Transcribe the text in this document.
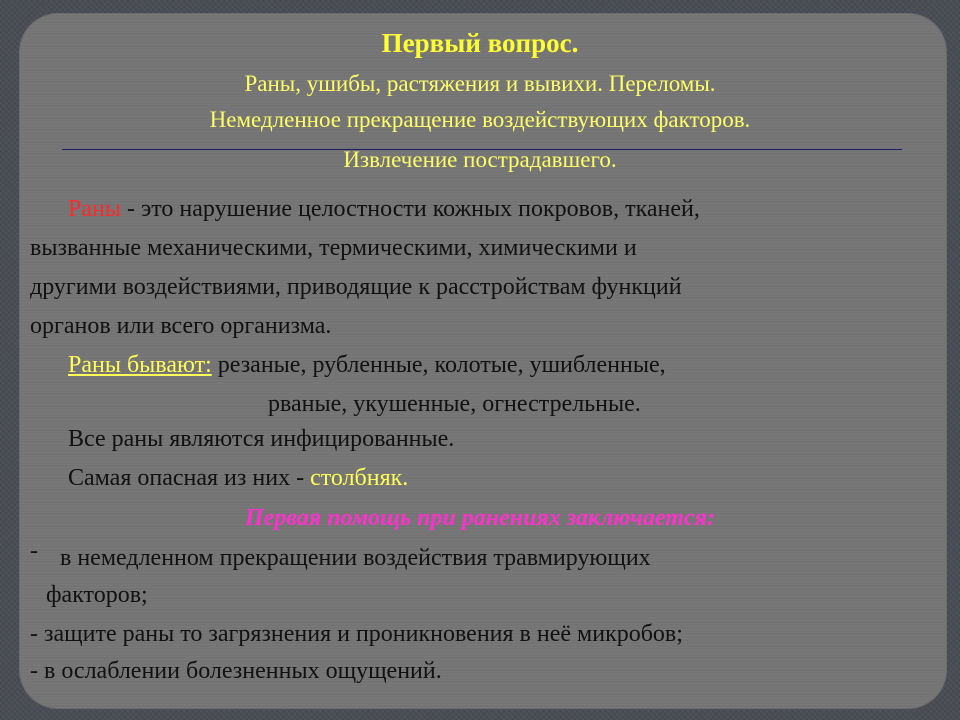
Первый вопрос.
Раны, ушибы, растяжения и вывихи. Переломы.
Немедленное прекращение воздействующих факторов.
Извлечение пострадавшего.
Раны - это нарушение целостности кожных покровов, тканей,
вызванные механическими, термическими, химическими и
другими воздействиями, приводящие к расстройствам функций
органов или всего организма.
Раны бывают: резаные, рубленные, колотые, ушибленные,
рваные, укушенные, огнестрельные.
Все раны являются инфицированные.
Самая опасная из них - столбняк.
Первая помощь при ранениях заключается:
- в немедленном прекращении воздействия травмирующих
факторов;
- защите раны то загрязнения и проникновения в неё микробов;
- в ослаблении болезненных ощущений.
